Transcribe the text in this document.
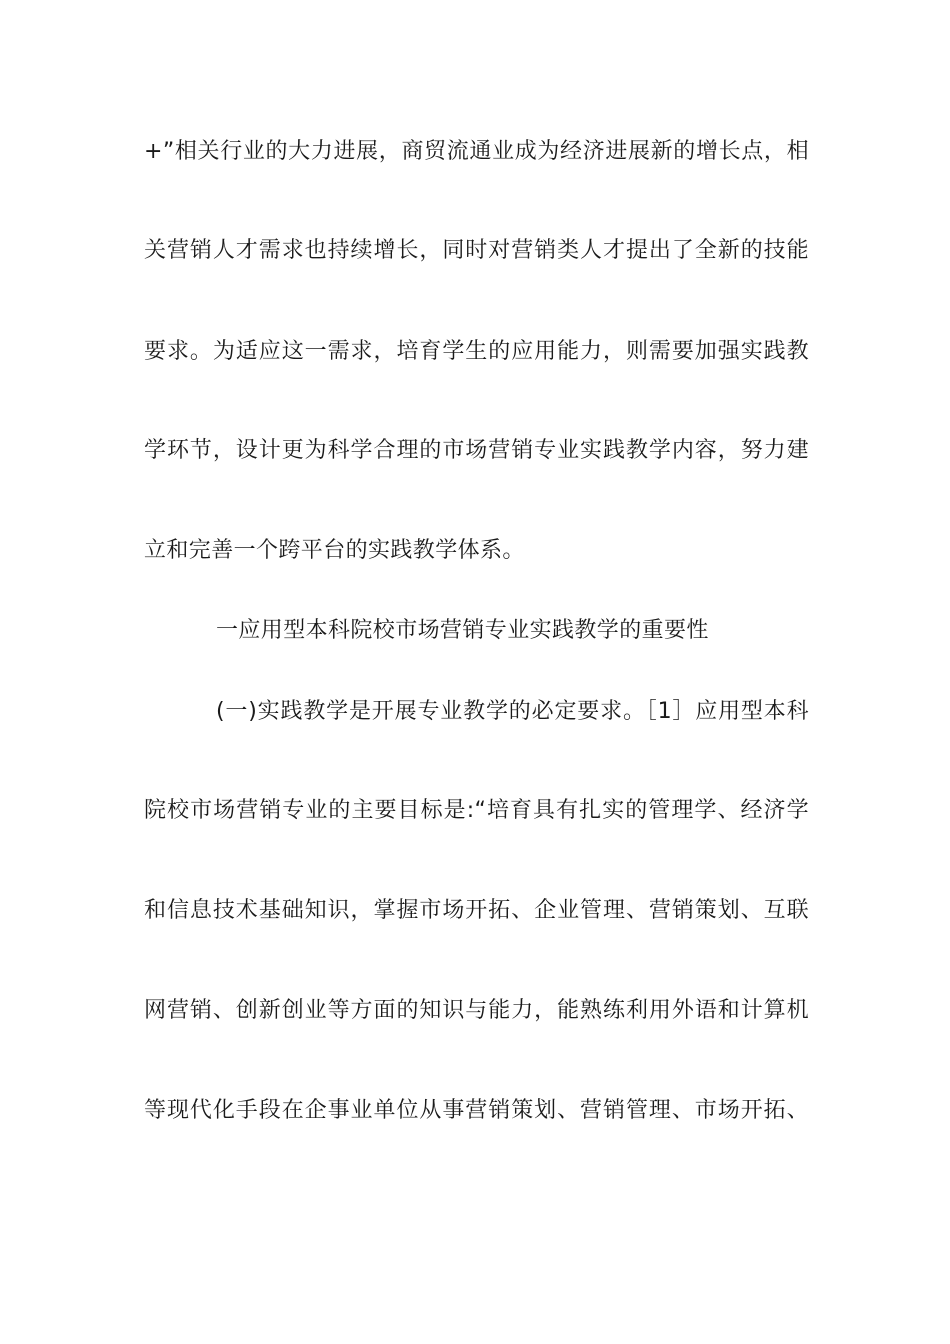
+”相关行业的大力进展，商贸流通业成为经济进展新的增长点，相
关营销人才需求也持续增长，同时对营销类人才提出了全新的技能
要求。为适应这一需求，培育学生的应用能力，则需要加强实践教
学环节，设计更为科学合理的市场营销专业实践教学内容，努力建
立和完善一个跨平台的实践教学体系。
一应用型本科院校市场营销专业实践教学的重要性
(一)实践教学是开展专业教学的必定要求。［1］应用型本科
院校市场营销专业的主要目标是:“培育具有扎实的管理学、经济学
和信息技术基础知识，掌握市场开拓、企业管理、营销策划、互联
网营销、创新创业等方面的知识与能力，能熟练利用外语和计算机
等现代化手段在企事业单位从事营销策划、营销管理、市场开拓、
